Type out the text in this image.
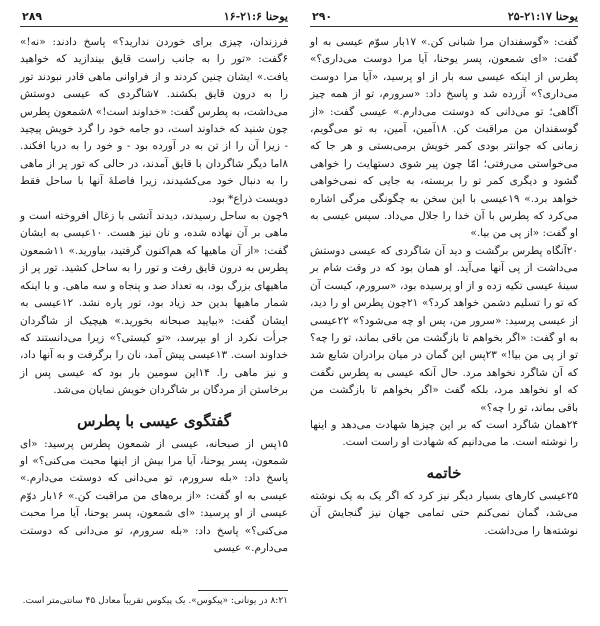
۲۸۹	یوحنا ۲۱:۶-۱۶ ۲۹۰	یوحنا ۲۱:۱۷-۲۵

فرزندان، چیزی برای خوردن ندارید؟» پاسخ دادند: «نه!» ۶گفت: «تور را به جانب راست قایق بیندازید که خواهید یافت.» ایشان چنین کردند و از فراوانی ماهی قادر نبودند تور را به درون قایق بکشند. ۷شاگردی که عیسی دوستش می‌داشت، به پطرس گفت: «خداوند است!» ۸شمعون پطرس چون شنید که خداوند است، دو جامه خود را گرد خویش پیچید - زیرا آن را از تن به در آورده بود - و خود را به دریا افکند. ۸اما دیگر شاگردان با قایق آمدند، در حالی که تور پر از ماهی را به دنبال خود می‌کشیدند، زیرا فاصلهٔ آنها با ساحل فقط دویست ذراع* بود.

۹چون به ساحل رسیدند، دیدند آتشی با زغال افروخته است و ماهی بر آن نهاده شده، و نان نیز هست. ۱۰عیسی به ایشان گفت: «از آن ماهیها که هم‌اکنون گرفتید، بیاورید.» ۱۱شمعون پطرس به درون قایق رفت و تور را به ساحل کشید. تور پر از ماهیهای بزرگ بود، به تعداد صد و پنجاه و سه ماهی. و با اینکه شمار ماهیها بدین حد زیاد بود، تور پاره نشد. ۱۲عیسی به ایشان گفت: «بیایید صبحانه بخورید.» هیچیک از شاگردان جرأت نکرد از او بپرسد، «تو کیستی؟» زیرا می‌دانستند که خداوند است. ۱۳عیسی پیش آمد، نان را برگرفت و به آنها داد، و نیز ماهی را. ۱۴این سومین بار بود که عیسی پس از برخاستن از مردگان بر شاگردان خویش نمایان می‌شد.

گفتگوی عیسی با پطرس

۱۵پس از صبحانه، عیسی از شمعون پطرس پرسید: «ای شمعون، پسر یوحنا، آیا مرا بیش از اینها محبت می‌کنی؟» او پاسخ داد: «بله سرورم، تو می‌دانی که دوستت می‌دارم.» عیسی به او گفت: «از بره‌های من مراقبت کن.» ۱۶بار دوّم عیسی از او پرسید: «ای شمعون، پسر یوحنا، آیا مرا محبت می‌کنی؟» پاسخ داد: «بله سرورم، تو می‌دانی که دوستت می‌دارم.» عیسی

گفت: «گوسفندان مرا شبانی کن.» ۱۷بار سوّم عیسی به او گفت: «ای شمعون، پسر یوحنا، آیا مرا دوست می‌داری؟» پطرس از اینکه عیسی سه بار از او پرسید، «آیا مرا دوست می‌داری؟» آزرده شد و پاسخ داد: «سرورم، تو از همه چیز آگاهی؛ تو می‌دانی که دوستت می‌دارم.» عیسی گفت: «از گوسفندان من مراقبت کن. ۱۸آمین، آمین، به تو می‌گویم، زمانی که جوانتر بودی کمر خویش برمی‌بستی و هر جا که می‌خواستی می‌رفتی؛ امّا چون پیر شوی دستهایت را خواهی گشود و دیگری کمر تو را بربسته، به جایی که نمی‌خواهی خواهد برد.» ۱۹عیسی با این سخن به چگونگی مرگی اشاره می‌کرد که پطرس با آن خدا را جلال می‌داد. سپس عیسی به او گفت: «از پی من بیا.»

۲۰آنگاه پطرس برگشت و دید آن شاگردی که عیسی دوستش می‌داشت از پی آنها می‌آید. او همان بود که در وقت شام بر سینهٔ عیسی تکیه زده و از او پرسیده بود، «سرورم، کیست آن که تو را تسلیم دشمن خواهد کرد؟» ۲۱چون پطرس او را دید، از عیسی پرسید: «سرور من، پس او چه می‌شود؟» ۲۲عیسی به او گفت: «اگر بخواهم تا بازگشت من باقی بماند، تو را چه؟ تو از پی من بیا!» ۲۳پس این گمان در میان برادران شایع شد که آن شاگرد نخواهد مرد. حال آنکه عیسی به پطرس نگفت که او نخواهد مرد، بلکه گفت «اگر بخواهم تا بازگشت من باقی بماند، تو را چه؟»

۲۴همان شاگرد است که بر این چیزها شهادت می‌دهد و اینها را نوشته است. ما می‌دانیم که شهادت او راست است.

خاتمه

۲۵عیسی کارهای بسیار دیگر نیز کرد که اگر یک به یک نوشته می‌شد، گمان نمی‌کنم حتی تمامی جهان نیز گنجایش آن نوشته‌ها را می‌داشت.

۸:۲۱ در یونانی: «پیکوس». یک پیکوس تقریباً معادل ۴۵ سانتی‌متر است.
